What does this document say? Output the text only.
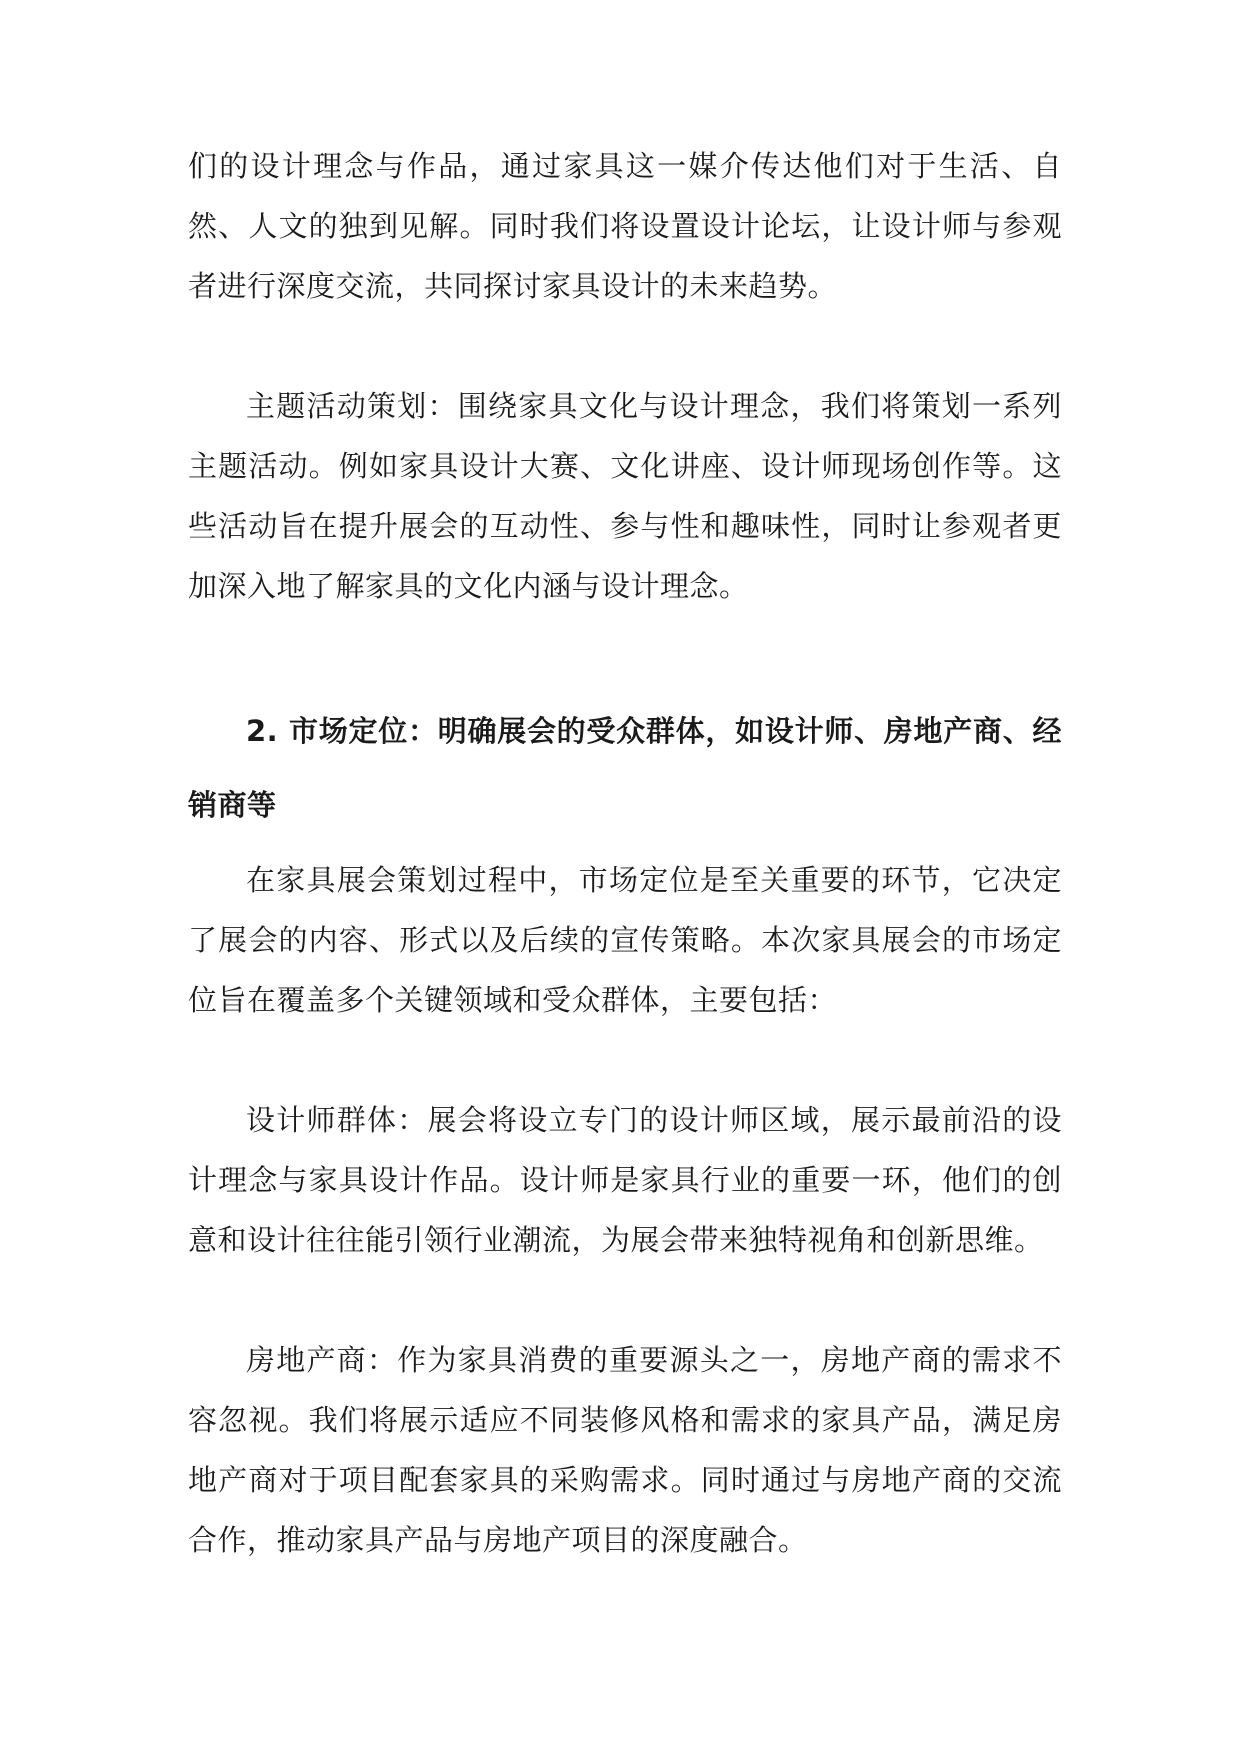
们的设计理念与作品，通过家具这一媒介传达他们对于生活、自然、人文的独到见解。同时我们将设置设计论坛，让设计师与参观者进行深度交流，共同探讨家具设计的未来趋势。

主题活动策划：围绕家具文化与设计理念，我们将策划一系列主题活动。例如家具设计大赛、文化讲座、设计师现场创作等。这些活动旨在提升展会的互动性、参与性和趣味性，同时让参观者更加深入地了解家具的文化内涵与设计理念。

2. 市场定位：明确展会的受众群体，如设计师、房地产商、经销商等

在家具展会策划过程中，市场定位是至关重要的环节，它决定了展会的内容、形式以及后续的宣传策略。本次家具展会的市场定位旨在覆盖多个关键领域和受众群体，主要包括：

设计师群体：展会将设立专门的设计师区域，展示最前沿的设计理念与家具设计作品。设计师是家具行业的重要一环，他们的创意和设计往往能引领行业潮流，为展会带来独特视角和创新思维。

房地产商：作为家具消费的重要源头之一，房地产商的需求不容忽视。我们将展示适应不同装修风格和需求的家具产品，满足房地产商对于项目配套家具的采购需求。同时通过与房地产商的交流合作，推动家具产品与房地产项目的深度融合。
